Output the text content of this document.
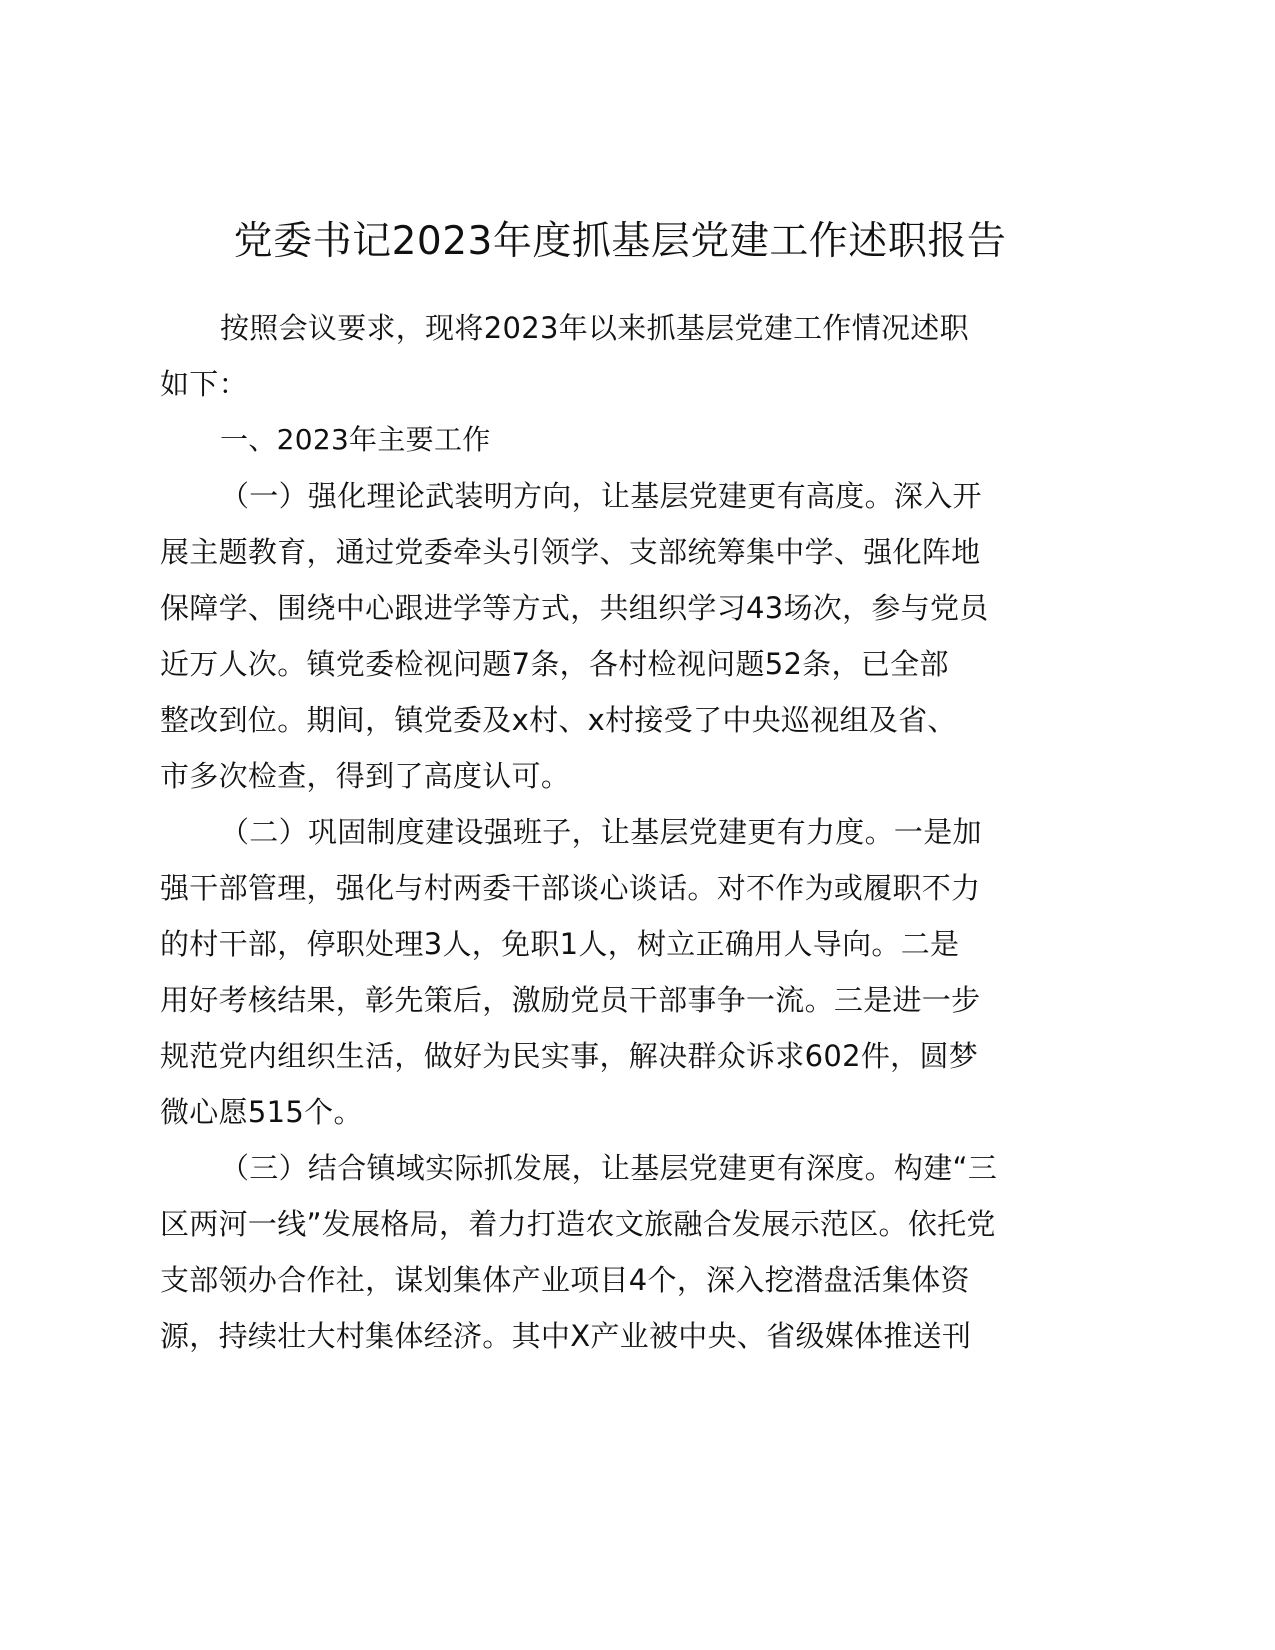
党委书记2023年度抓基层党建工作述职报告
按照会议要求，现将2023年以来抓基层党建工作情况述职
如下：
一、2023年主要工作
（一）强化理论武装明方向，让基层党建更有高度。深入开
展主题教育，通过党委牵头引领学、支部统筹集中学、强化阵地
保障学、围绕中心跟进学等方式，共组织学习43场次，参与党员
近万人次。镇党委检视问题7条，各村检视问题52条，已全部
整改到位。期间，镇党委及x村、x村接受了中央巡视组及省、
市多次检查，得到了高度认可。
（二）巩固制度建设强班子，让基层党建更有力度。一是加
强干部管理，强化与村两委干部谈心谈话。对不作为或履职不力
的村干部，停职处理3人，免职1人，树立正确用人导向。二是
用好考核结果，彰先策后，激励党员干部事争一流。三是进一步
规范党内组织生活，做好为民实事，解决群众诉求602件，圆梦
微心愿515个。
（三）结合镇域实际抓发展，让基层党建更有深度。构建“三
区两河一线”发展格局，着力打造农文旅融合发展示范区。依托党
支部领办合作社，谋划集体产业项目4个，深入挖潜盘活集体资
源，持续壮大村集体经济。其中X产业被中央、省级媒体推送刊
